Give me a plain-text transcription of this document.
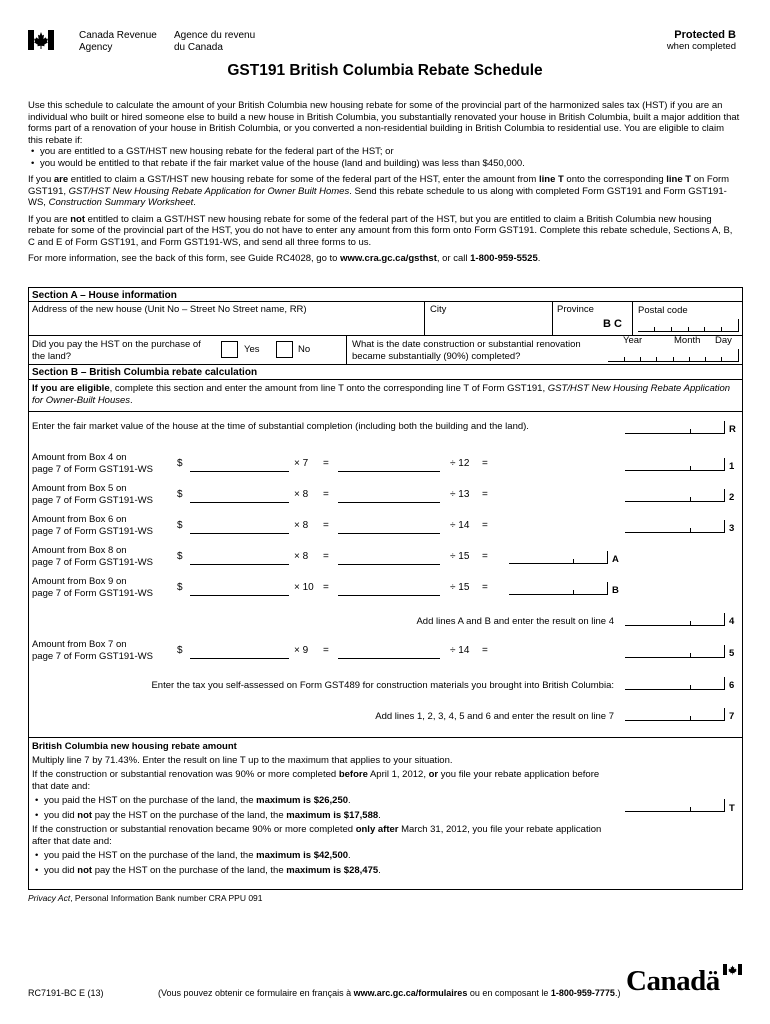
Canada Revenue
Agency
Agence du revenu
du Canada
Protected B
when completed
GST191 British Columbia Rebate Schedule
Use this schedule to calculate the amount of your British Columbia new housing rebate for some of the provincial part of the harmonized sales tax (HST) if you are an individual who built or hired someone else to build a new house in British Columbia, you substantially renovated your house in British Columbia, built a major addition that forms part of a renovation of your house in British Columbia, or you converted a non-residential building in British Columbia to residential use. You are eligible to claim this rebate if:
• you are entitled to a GST/HST new housing rebate for the federal part of the HST; or
• you would be entitled to that rebate if the fair market value of the house (land and building) was less than $450,000.
If you are entitled to claim a GST/HST new housing rebate for some of the federal part of the HST, enter the amount from line T onto the corresponding line T on Form GST191, GST/HST New Housing Rebate Application for Owner Built Homes. Send this rebate schedule to us along with completed Form GST191 and Form GST191-WS, Construction Summary Worksheet.
If you are not entitled to claim a GST/HST new housing rebate for some of the federal part of the HST, but you are entitled to claim a British Columbia new housing rebate for some of the provincial part of the HST, you do not have to enter any amount from this form onto Form GST191. Complete this rebate schedule, Sections A, B, C and E of Form GST191, and Form GST191-WS, and send all three forms to us.
For more information, see the back of this form, see Guide RC4028, go to www.cra.gc.ca/gsthst, or call 1-800-959-5525.
Section A – House information
Address of the new house (Unit No – Street No Street name, RR)	City	Province
B C
Postal code
Did you pay the HST on the purchase of the land?
Yes	No	What is the date construction or substantial renovation became substantially (90%) completed?
Year	Month Day
Section B – British Columbia rebate calculation
If you are eligible, complete this section and enter the amount from line T onto the corresponding line T of Form GST191, GST/HST New Housing Rebate Application for Owner-Built Houses.
Enter the fair market value of the house at the time of substantial completion (including both the building and the land).	R
Amount from Box 4 on
page 7 of Form GST191-WS $	× 7 =	÷ 12 =	1
Amount from Box 5 on
page 7 of Form GST191-WS $	× 8 =	÷ 13 =	2
Amount from Box 6 on
page 7 of Form GST191-WS $	× 8 =	÷ 14 =	3
Amount from Box 8 on
page 7 of Form GST191-WS $	× 8 =	÷ 15 =	A
Amount from Box 9 on
page 7 of Form GST191-WS $	× 10 =	÷ 15 =	B
Add lines A and B and enter the result on line 4	4
Amount from Box 7 on
page 7 of Form GST191-WS $	× 9 =	÷ 14 =	5
Enter the tax you self-assessed on Form GST489 for construction materials you brought into British Columbia:	6
Add lines 1, 2, 3, 4, 5 and 6 and enter the result on line 7	7
British Columbia new housing rebate amount
Multiply line 7 by 71.43%. Enter the result on line T up to the maximum that applies to your situation.
If the construction or substantial renovation was 90% or more completed before April 1, 2012, or you file your rebate application before that date and:
• you paid the HST on the purchase of the land, the maximum is $26,250.
• you did not pay the HST on the purchase of the land, the maximum is $17,588.
If the construction or substantial renovation became 90% or more completed only after March 31, 2012, you file your rebate application after that date and:
• you paid the HST on the purchase of the land, the maximum is $42,500.
• you did not pay the HST on the purchase of the land, the maximum is $28,475.
T
Privacy Act, Personal Information Bank number CRA PPU 091
RC7191-BC E (13)	(Vous pouvez obtenir ce formulaire en français à www.arc.gc.ca/formulaires ou en composant le 1-800-959-7775.) Canadä
